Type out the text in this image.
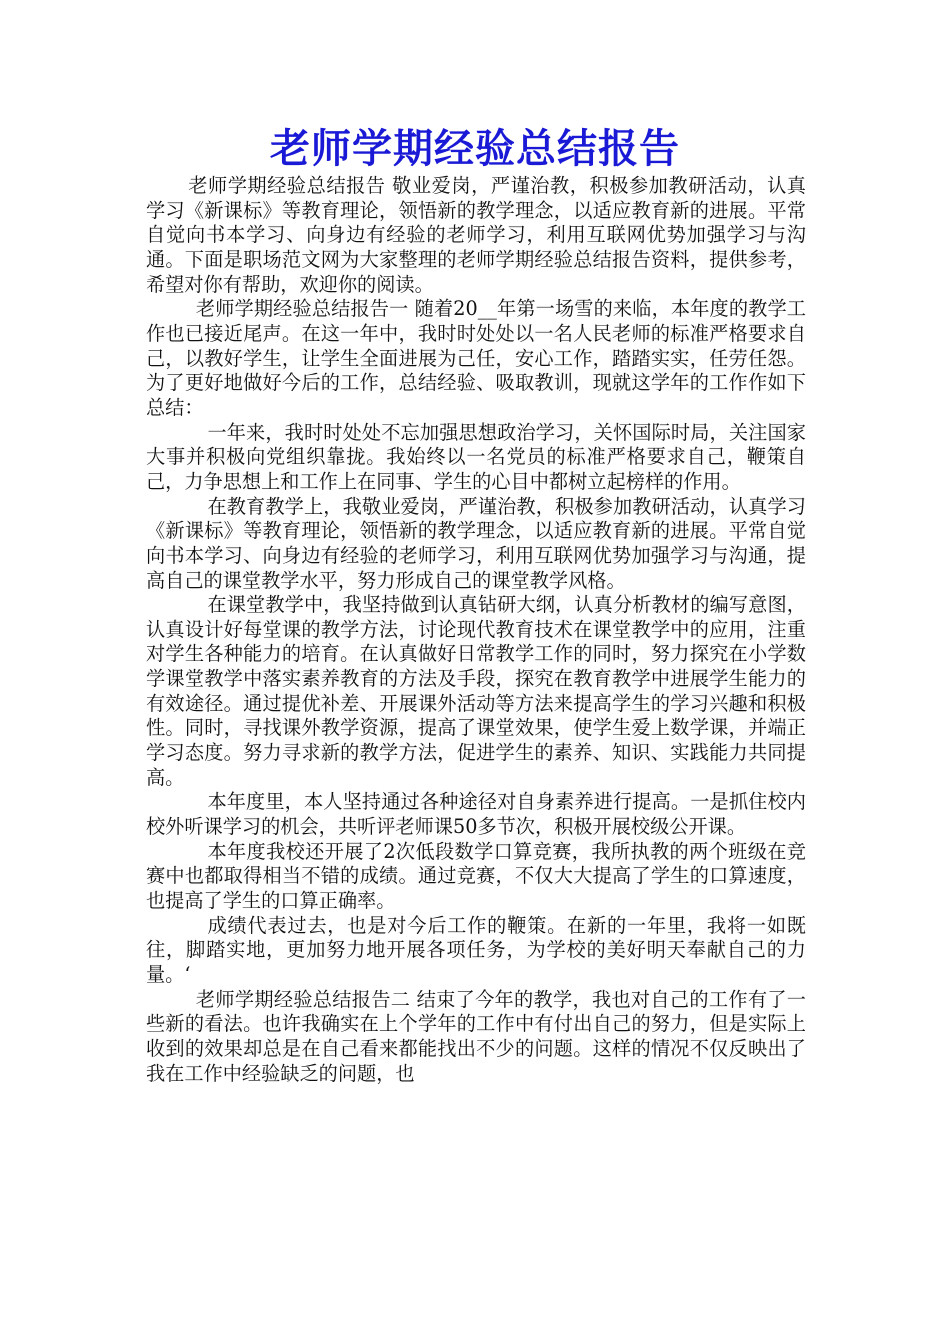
老师学期经验总结报告

老师学期经验总结报告 敬业爱岗，严谨治教，积极参加教研活动，认真学习《新课标》等教育理论，领悟新的教学理念，以适应教育新的进展。平常自觉向书本学习、向身边有经验的老师学习，利用互联网优势加强学习与沟通。下面是职场范文网为大家整理的老师学期经验总结报告资料，提供参考，希望对你有帮助，欢迎你的阅读。

老师学期经验总结报告一 随着20__年第一场雪的来临，本年度的教学工作也已接近尾声。在这一年中，我时时处处以一名人民老师的标准严格要求自己，以教好学生，让学生全面进展为己任，安心工作，踏踏实实，任劳任怨。为了更好地做好今后的工作，总结经验、吸取教训，现就这学年的工作作如下总结：

一年来，我时时处处不忘加强思想政治学习，关怀国际时局，关注国家大事并积极向党组织靠拢。我始终以一名党员的标准严格要求自己，鞭策自己，力争思想上和工作上在同事、学生的心目中都树立起榜样的作用。

在教育教学上，我敬业爱岗，严谨治教，积极参加教研活动，认真学习《新课标》等教育理论，领悟新的教学理念，以适应教育新的进展。平常自觉向书本学习、向身边有经验的老师学习，利用互联网优势加强学习与沟通，提高自己的课堂教学水平，努力形成自己的课堂教学风格。

在课堂教学中，我坚持做到认真钻研大纲，认真分析教材的编写意图，认真设计好每堂课的教学方法，讨论现代教育技术在课堂教学中的应用，注重对学生各种能力的培育。在认真做好日常教学工作的同时，努力探究在小学数学课堂教学中落实素养教育的方法及手段，探究在教育教学中进展学生能力的有效途径。通过提优补差、开展课外活动等方法来提高学生的学习兴趣和积极性。同时，寻找课外教学资源，提高了课堂效果，使学生爱上数学课，并端正学习态度。努力寻求新的教学方法，促进学生的素养、知识、实践能力共同提高。

本年度里，本人坚持通过各种途径对自身素养进行提高。一是抓住校内校外听课学习的机会，共听评老师课50多节次，积极开展校级公开课。

本年度我校还开展了2次低段数学口算竞赛，我所执教的两个班级在竞赛中也都取得相当不错的成绩。通过竞赛，不仅大大提高了学生的口算速度，也提高了学生的口算正确率。

成绩代表过去，也是对今后工作的鞭策。在新的一年里，我将一如既往，脚踏实地，更加努力地开展各项任务，为学校的美好明天奉献自己的力量。‘

老师学期经验总结报告二 结束了今年的教学，我也对自己的工作有了一些新的看法。也许我确实在上个学年的工作中有付出自己的努力，但是实际上收到的效果却总是在自己看来都能找出不少的问题。这样的情况不仅反映出了我在工作中经验缺乏的问题，也
